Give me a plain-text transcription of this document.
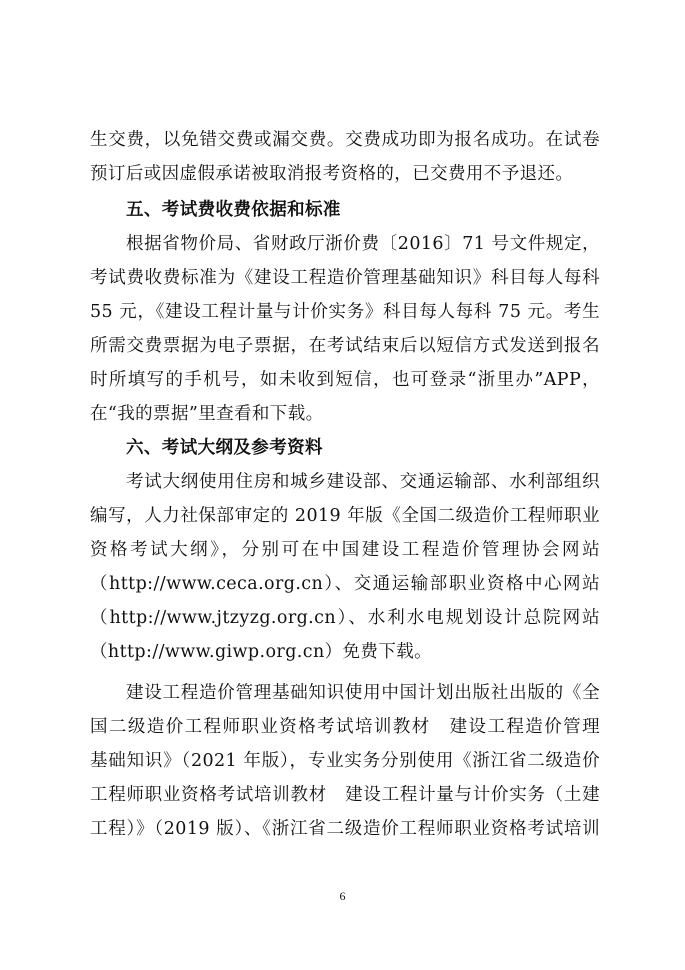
生交费，以免错交费或漏交费。交费成功即为报名成功。在试卷
预订后或因虚假承诺被取消报考资格的，已交费用不予退还。
五、考试费收费依据和标准
根据省物价局、省财政厅浙价费〔2016〕71 号文件规定，
考试费收费标准为《建设工程造价管理基础知识》科目每人每科
55 元，《建设工程计量与计价实务》科目每人每科 75 元。考生
所需交费票据为电子票据，在考试结束后以短信方式发送到报名
时所填写的手机号，如未收到短信，也可登录“浙里办”APP，
在“我的票据”里查看和下载。
六、考试大纲及参考资料
考试大纲使用住房和城乡建设部、交通运输部、水利部组织
编写，人力社保部审定的 2019 年版《全国二级造价工程师职业
资格考试大纲》，分别可在中国建设工程造价管理协会网站
（http://www.ceca.org.cn）、交通运输部职业资格中心网站
（http://www.jtzyzg.org.cn）、水利水电规划设计总院网站
（http://www.giwp.org.cn）免费下载。
建设工程造价管理基础知识使用中国计划出版社出版的《全
国二级造价工程师职业资格考试培训教材　建设工程造价管理
基础知识》（2021 年版），专业实务分别使用《浙江省二级造价
工程师职业资格考试培训教材　建设工程计量与计价实务（土建
工程）》（2019 版）、《浙江省二级造价工程师职业资格考试培训
6
